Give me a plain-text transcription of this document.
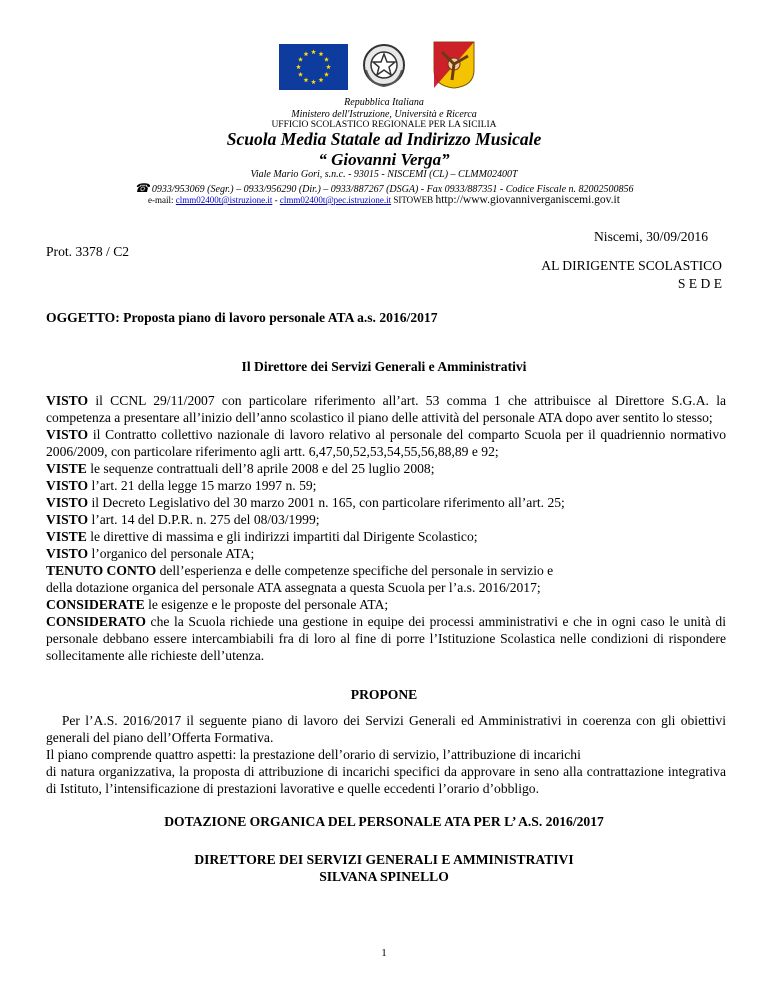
Repubblica Italiana
Ministero dell'Istruzione, Università e Ricerca
UFFICIO SCOLASTICO REGIONALE PER LA SICILIA
Scuola Media Statale ad Indirizzo Musicale
“ Giovanni Verga”
Viale Mario Gori, s.n.c. - 93015 - NISCEMI (CL) – CLMM02400T
☎ 0933/953069 (Segr.) – 0933/956290 (Dir.) – 0933/887267 (DSGA) - Fax 0933/887351 - Codice Fiscale n. 82002500856
e-mail: clmm02400t@istruzione.it - clmm02400t@pec.istruzione.it SITOWEB http://www.giovanniverganiscemi.gov.it
Niscemi, 30/09/2016
Prot. 3378 / C2
AL DIRIGENTE SCOLASTICO
S E D E
OGGETTO: Proposta piano di lavoro personale ATA a.s. 2016/2017
Il Direttore dei Servizi Generali e Amministrativi
VISTO il CCNL 29/11/2007 con particolare riferimento all’art. 53 comma 1 che attribuisce al Direttore S.G.A. la competenza a presentare all’inizio dell’anno scolastico il piano delle attività del personale ATA dopo aver sentito lo stesso;
VISTO il Contratto collettivo nazionale di lavoro relativo al personale del comparto Scuola per il quadriennio normativo 2006/2009, con particolare riferimento agli artt. 6,47,50,52,53,54,55,56,88,89 e 92;
VISTE le sequenze contrattuali dell’8 aprile 2008 e del 25 luglio 2008;
VISTO l’art. 21 della legge 15 marzo 1997 n. 59;
VISTO il Decreto Legislativo del 30 marzo 2001 n. 165, con particolare riferimento all’art. 25;
VISTO l’art. 14 del D.P.R. n. 275 del 08/03/1999;
VISTE le direttive di massima e gli indirizzi impartiti dal Dirigente Scolastico;
VISTO l’organico del personale ATA;
TENUTO CONTO dell’esperienza e delle competenze specifiche del personale in servizio e
della dotazione organica del personale ATA assegnata a questa Scuola per l’a.s. 2016/2017;
CONSIDERATE le esigenze e le proposte del personale ATA;
CONSIDERATO che la Scuola richiede una gestione in equipe dei processi amministrativi e che in ogni caso le unità di personale debbano essere intercambiabili fra di loro al fine di porre l’Istituzione Scolastica nelle condizioni di rispondere sollecitamente alle richieste dell’utenza.
PROPONE
Per l’A.S. 2016/2017 il seguente piano di lavoro dei Servizi Generali ed Amministrativi in coerenza con gli obiettivi generali del piano dell’Offerta Formativa.
Il piano comprende quattro aspetti: la prestazione dell’orario di servizio, l’attribuzione di incarichi
di natura organizzativa, la proposta di attribuzione di incarichi specifici da approvare in seno alla contrattazione integrativa di Istituto, l’intensificazione di prestazioni lavorative e quelle eccedenti l’orario d’obbligo.
DOTAZIONE ORGANICA DEL PERSONALE ATA PER L’ A.S. 2016/2017
DIRETTORE DEI SERVIZI GENERALI E AMMINISTRATIVI
SILVANA SPINELLO
1
